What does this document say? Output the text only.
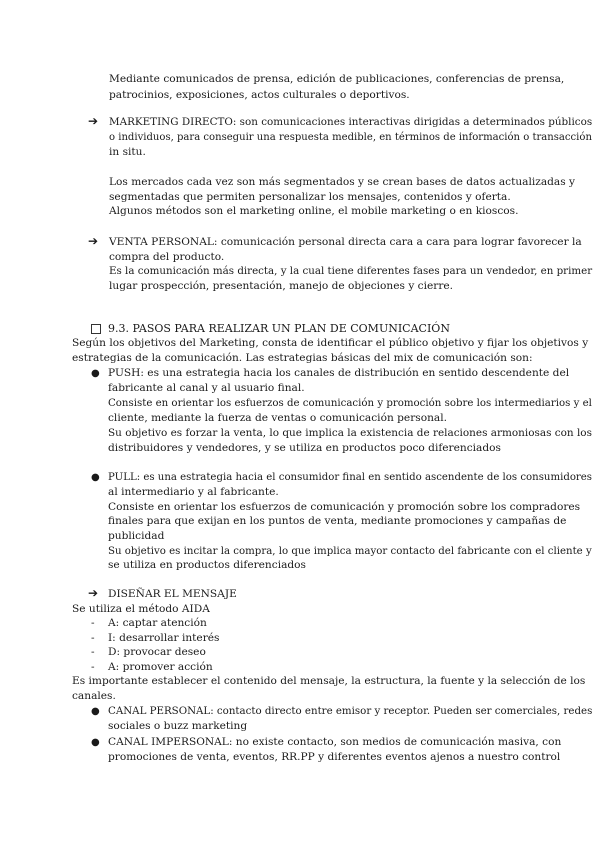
Mediante comunicados de prensa, edición de publicaciones, conferencias de prensa,
patrocinios, exposiciones, actos culturales o deportivos.
➔ MARKETING DIRECTO: son comunicaciones interactivas dirigidas a determinados públicos
o individuos, para conseguir una respuesta medible, en términos de información o transacción
in situ.
Los mercados cada vez son más segmentados y se crean bases de datos actualizadas y
segmentadas que permiten personalizar los mensajes, contenidos y oferta.
Algunos métodos son el marketing online, el mobile marketing o en kioscos.
➔ VENTA PERSONAL: comunicación personal directa cara a cara para lograr favorecer la
compra del producto.
Es la comunicación más directa, y la cual tiene diferentes fases para un vendedor, en primer
lugar prospección, presentación, manejo de objeciones y cierre.
9.3. PASOS PARA REALIZAR UN PLAN DE COMUNICACIÓN
Según los objetivos del Marketing, consta de identificar el público objetivo y fijar los objetivos y
estrategias de la comunicación. Las estrategias básicas del mix de comunicación son:
● PUSH: es una estrategia hacia los canales de distribución en sentido descendente del
fabricante al canal y al usuario final.
Consiste en orientar los esfuerzos de comunicación y promoción sobre los intermediarios y el
cliente, mediante la fuerza de ventas o comunicación personal.
Su objetivo es forzar la venta, lo que implica la existencia de relaciones armoniosas con los
distribuidores y vendedores, y se utiliza en productos poco diferenciados
● PULL: es una estrategia hacia el consumidor final en sentido ascendente de los consumidores
al intermediario y al fabricante.
Consiste en orientar los esfuerzos de comunicación y promoción sobre los compradores
finales para que exijan en los puntos de venta, mediante promociones y campañas de
publicidad
Su objetivo es incitar la compra, lo que implica mayor contacto del fabricante con el cliente y
se utiliza en productos diferenciados
➔ DISEÑAR EL MENSAJE
Se utiliza el método AIDA
- A: captar atención
- I: desarrollar interés
- D: provocar deseo
- A: promover acción
Es importante establecer el contenido del mensaje, la estructura, la fuente y la selección de los
canales.
● CANAL PERSONAL: contacto directo entre emisor y receptor. Pueden ser comerciales, redes
sociales o buzz marketing
● CANAL IMPERSONAL: no existe contacto, son medios de comunicación masiva, con
promociones de venta, eventos, RR.PP y diferentes eventos ajenos a nuestro control
